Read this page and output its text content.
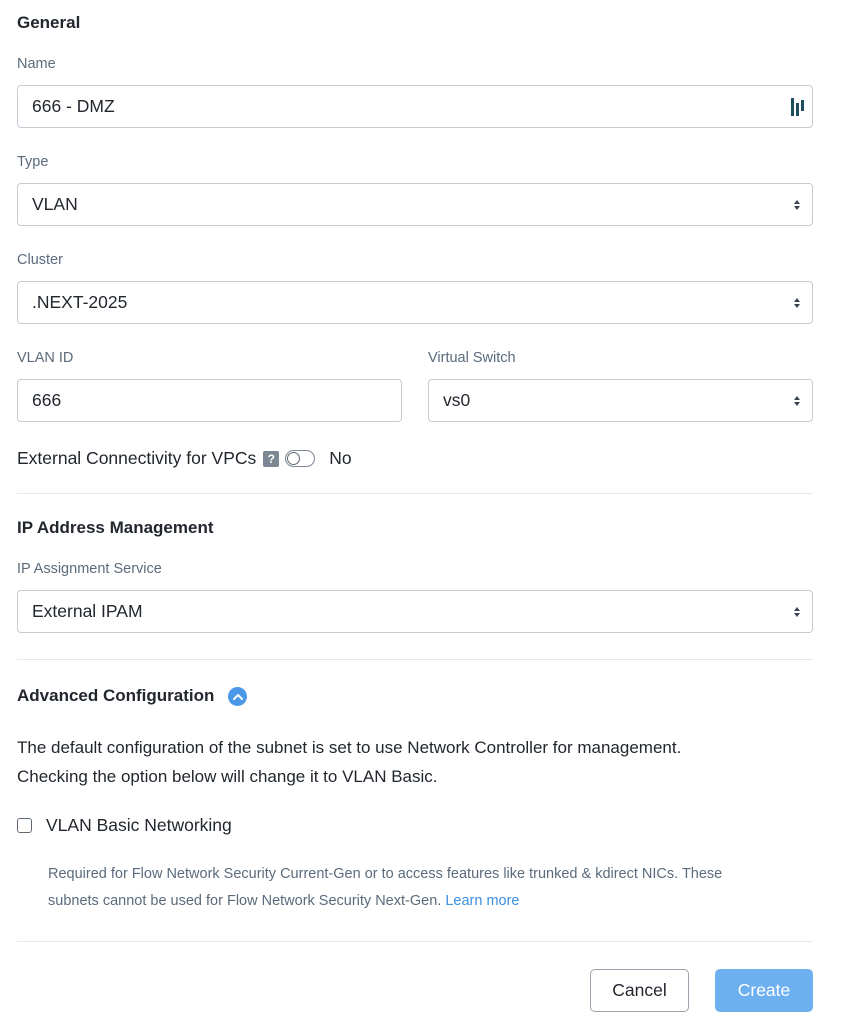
General
Name
666 - DMZ
Type
VLAN
Cluster
.NEXT-2025
VLAN ID
666
Virtual Switch
vs0
External Connectivity for VPCs ?	No
IP Address Management
IP Assignment Service
External IPAM
Advanced Configuration
The default configuration of the subnet is set to use Network Controller for management.
Checking the option below will change it to VLAN Basic.
VLAN Basic Networking
Required for Flow Network Security Current-Gen or to access features like trunked & kdirect NICs. These
subnets cannot be used for Flow Network Security Next-Gen. Learn more
Cancel	Create
